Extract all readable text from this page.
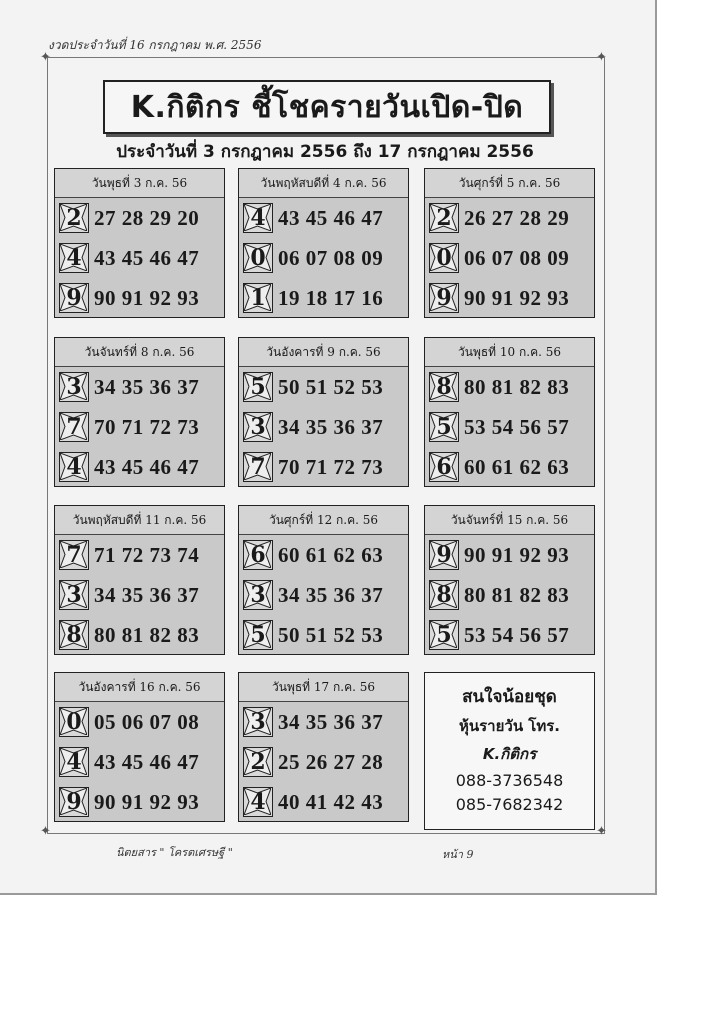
งวดประจำวันที่ 16 กรกฎาคม พ.ศ. 2556
✦	✦
✦	✦
K.กิติกร ชี้โชครายวันเปิด-ปิด
ประจำวันที่ 3 กรกฎาคม 2556 ถึง 17 กรกฎาคม 2556
วันพุธที่ 3 ก.ค. 56
2 27 28 29 20
4 43 45 46 47
9 90 91 92 93
วันพฤหัสบดีที่ 4 ก.ค. 56
4 43 45 46 47
0 06 07 08 09
1 19 18 17 16
วันศุกร์ที่ 5 ก.ค. 56
2 26 27 28 29
0 06 07 08 09
9 90 91 92 93
วันจันทร์ที่ 8 ก.ค. 56
3 34 35 36 37
7 70 71 72 73
4 43 45 46 47
วันอังคารที่ 9 ก.ค. 56
5 50 51 52 53
3 34 35 36 37
7 70 71 72 73
วันพุธที่ 10 ก.ค. 56
8 80 81 82 83
5 53 54 56 57
6 60 61 62 63
วันพฤหัสบดีที่ 11 ก.ค. 56
7 71 72 73 74
3 34 35 36 37
8 80 81 82 83
วันศุกร์ที่ 12 ก.ค. 56
6 60 61 62 63
3 34 35 36 37
5 50 51 52 53
วันจันทร์ที่ 15 ก.ค. 56
9 90 91 92 93
8 80 81 82 83
5 53 54 56 57
วันอังคารที่ 16 ก.ค. 56
0 05 06 07 08
4 43 45 46 47
9 90 91 92 93
วันพุธที่ 17 ก.ค. 56
3 34 35 36 37
2 25 26 27 28
4 40 41 42 43
สนใจน้อยชุด
หุ้นรายวัน โทร.
K.กิติกร
088-3736548
085-7682342
นิตยสาร " โครตเศรษฐี "	หน้า 9
